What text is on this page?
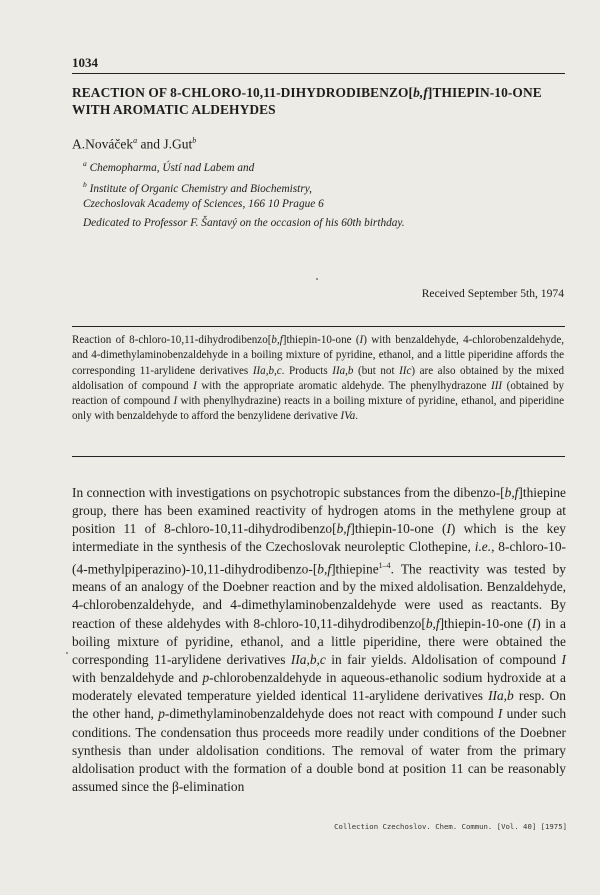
1034
REACTION OF 8-CHLORO-10,11-DIHYDRODIBENZO[b,f]THIEPIN-10-ONE
WITH AROMATIC ALDEHYDES
A.Nováček$^a$ and J.Gut$^b$
$^a$ Chemopharma, Ústí nad Labem and
$^b$ Institute of Organic Chemistry and Biochemistry,
Czechoslovak Academy of Sciences, 166 10 Prague 6
Dedicated to Professor F. Šantavý on the occasion of his 60th birthday.
Received September 5th, 1974
Reaction of 8-chloro-10,11-dihydrodibenzo[b,f]thiepin-10-one (I) with benzaldehyde, 4-chlorobenzaldehyde, and 4-dimethylaminobenzaldehyde in a boiling mixture of pyridine, ethanol, and a little piperidine affords the corresponding 11-arylidene derivatives IIa,b,c. Products IIa,b (but not IIc) are also obtained by the mixed aldolisation of compound I with the appropriate aromatic aldehyde. The phenylhydrazone III (obtained by reaction of compound I with phenylhydrazine) reacts in a boiling mixture of pyridine, ethanol, and piperidine only with benzaldehyde to afford the benzylidene derivative IVa.
In connection with investigations on psychotropic substances from the dibenzo-[b,f]thiepine group, there has been examined reactivity of hydrogen atoms in the methylene group at position 11 of 8-chloro-10,11-dihydrodibenzo[b,f]thiepin-10-one (I) which is the key intermediate in the synthesis of the Czechoslovak neuroleptic Clothepine, i.e., 8-chloro-10-(4-methylpiperazino)-10,11-dihydrodibenzo-[b,f]thiepine$^{1-4}$. The reactivity was tested by means of an analogy of the Doebner reaction and by the mixed aldolisation. Benzaldehyde, 4-chlorobenzaldehyde, and 4-dimethylaminobenzaldehyde were used as reactants. By reaction of these aldehydes with 8-chloro-10,11-dihydrodibenzo[b,f]thiepin-10-one (I) in a boiling mixture of pyridine, ethanol, and a little piperidine, there were obtained the corresponding 11-arylidene derivatives IIa,b,c in fair yields. Aldolisation of compound I with benzaldehyde and p-chlorobenzaldehyde in aqueous-ethanolic sodium hydroxide at a moderately elevated temperature yielded identical 11-arylidene derivatives IIa,b resp. On the other hand, p-dimethylaminobenzaldehyde does not react with compound I under such conditions. The condensation thus proceeds more readily under conditions of the Doebner synthesis than under aldolisation conditions. The removal of water from the primary aldolisation product with the formation of a double bond at position 11 can be reasonably assumed since the β-elimination
Collection Czechoslov. Chem. Commun. [Vol. 40] [1975]
